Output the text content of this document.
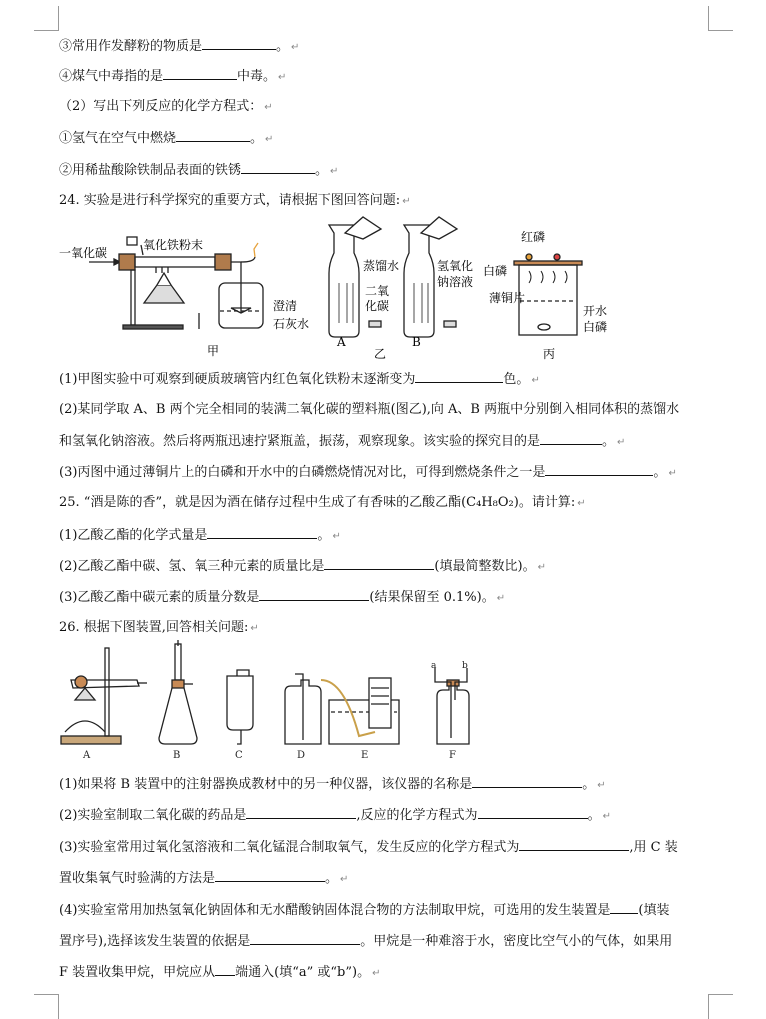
③常用作发酵粉的物质是	。 ↵
④煤气中毒指的是	中毒。 ↵
（2）写出下列反应的化学方程式： ↵
①氢气在空气中燃烧	。 ↵
②用稀盐酸除铁制品表面的铁锈	。 ↵
24. 实验是进行科学探究的重要方式，请根据下图回答问题: ↵
一氧化碳
氧化铁粉末
澄清
石灰水
甲
蒸馏水
二氧
化碳
氢氧化
钠溶液
A	B
乙
红磷
白磷
薄铜片
开水
白磷
丙
(1)甲图实验中可观察到硬质玻璃管内红色氧化铁粉末逐渐变为	色。 ↵
(2)某同学取 A、B 两个完全相同的装满二氧化碳的塑料瓶(图乙),向 A、B 两瓶中分别倒入相同体积的蒸馏水
和氢氧化钠溶液。然后将两瓶迅速拧紧瓶盖，振荡，观察现象。该实验的探究目的是	。 ↵
(3)丙图中通过薄铜片上的白磷和开水中的白磷燃烧情况对比，可得到燃烧条件之一是	。 ↵
25. “酒是陈的香”，就是因为酒在储存过程中生成了有香味的乙酸乙酯(C₄H₈O₂)。请计算: ↵
(1)乙酸乙酯的化学式量是	。 ↵
(2)乙酸乙酯中碳、氢、氧三种元素的质量比是	(填最简整数比)。 ↵
(3)乙酸乙酯中碳元素的质量分数是	(结果保留至 0.1%)。 ↵
26. 根据下图装置,回答相关问题: ↵
A	B	C	D	E
a	b
F
(1)如果将 B 装置中的注射器换成教材中的另一种仪器，该仪器的名称是	。 ↵
(2)实验室制取二氧化碳的药品是	,反应的化学方程式为	。 ↵
(3)实验室常用过氧化氢溶液和二氧化锰混合制取氧气，发生反应的化学方程式为	,用 C 装
置收集氧气时验满的方法是	。 ↵
(4)实验室常用加热氢氧化钠固体和无水醋酸钠固体混合物的方法制取甲烷，可选用的发生装置是 (填装
置序号),选择该发生装置的依据是	。甲烷是一种难溶于水，密度比空气小的气体，如果用
F 装置收集甲烷，甲烷应从 端通入(填“a” 或“b”)。 ↵
